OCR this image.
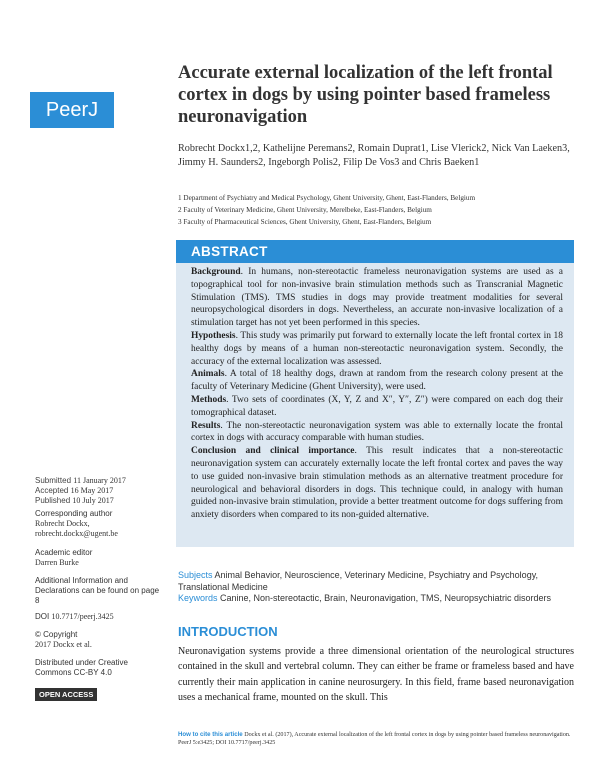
PeerJ
Accurate external localization of the left frontal cortex in dogs by using pointer based frameless neuronavigation
Robrecht Dockx1,2, Kathelijne Peremans2, Romain Duprat1, Lise Vlerick2, Nick Van Laeken3, Jimmy H. Saunders2, Ingeborgh Polis2, Filip De Vos3 and Chris Baeken1
1 Department of Psychiatry and Medical Psychology, Ghent University, Ghent, East-Flanders, Belgium
2 Faculty of Veterinary Medicine, Ghent University, Merelbeke, East-Flanders, Belgium
3 Faculty of Pharmaceutical Sciences, Ghent University, Ghent, East-Flanders, Belgium
ABSTRACT

Background. In humans, non-stereotactic frameless neuronavigation systems are used as a topographical tool for non-invasive brain stimulation methods such as Transcranial Magnetic Stimulation (TMS). TMS studies in dogs may provide treatment modalities for several neuropsychological disorders in dogs. Nevertheless, an accurate non-invasive localization of a stimulation target has not yet been performed in this species.

Hypothesis. This study was primarily put forward to externally locate the left frontal cortex in 18 healthy dogs by means of a human non-stereotactic neuronavigation system. Secondly, the accuracy of the external localization was assessed.

Animals. A total of 18 healthy dogs, drawn at random from the research colony present at the faculty of Veterinary Medicine (Ghent University), were used.

Methods. Two sets of coordinates (X, Y, Z and X″, Y″, Z″) were compared on each dog their tomographical dataset.

Results. The non-stereotactic neuronavigation system was able to externally locate the frontal cortex in dogs with accuracy comparable with human studies.

Conclusion and clinical importance. This result indicates that a non-stereotactic neuronavigation system can accurately externally locate the left frontal cortex and paves the way to use guided non-invasive brain stimulation methods as an alternative treatment procedure for neurological and behavioral disorders in dogs. This technique could, in analogy with human guided non-invasive brain stimulation, provide a better treatment outcome for dogs suffering from anxiety disorders when compared to its non-guided alternative.

Subjects Animal Behavior, Neuroscience, Veterinary Medicine, Psychiatry and Psychology, Translational Medicine
Keywords Canine, Non-stereotactic, Brain, Neuronavigation, TMS, Neuropsychiatric disorders
INTRODUCTION
Neuronavigation systems provide a three dimensional orientation of the neurological structures contained in the skull and vertebral column. They can either be frame or frameless based and have currently their main application in canine neurosurgery. In this field, frame based neuronavigation uses a mechanical frame, mounted on the skull. This
Submitted 11 January 2017
Accepted 16 May 2017
Published 10 July 2017
Corresponding author
Robrecht Dockx,
robrecht.dockx@ugent.be
Academic editor
Darren Burke
Additional Information and Declarations can be found on page 8
DOI 10.7717/peerj.3425
© Copyright
2017 Dockx et al.
Distributed under Creative Commons CC-BY 4.0
OPEN ACCESS
How to cite this article Dockx et al. (2017), Accurate external localization of the left frontal cortex in dogs by using pointer based frameless neuronavigation. PeerJ 5:e3425; DOI 10.7717/peerj.3425
